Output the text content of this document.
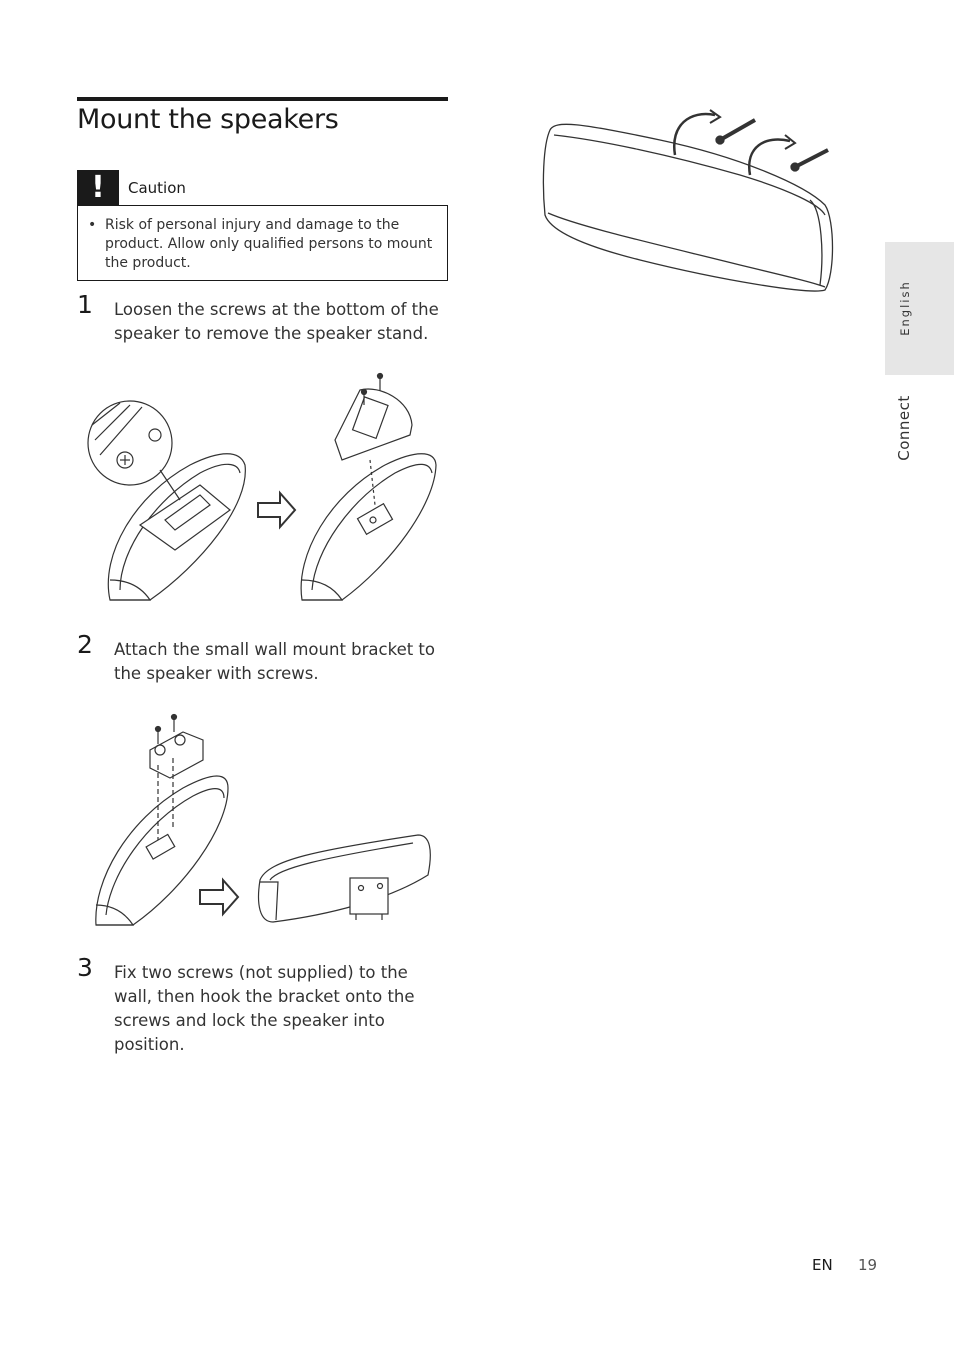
Mount the speakers
!	Caution
• Risk of personal injury and damage to the product. Allow only qualified persons to mount the product.
1 Loosen the screws at the bottom of the speaker to remove the speaker stand.
2 Attach the small wall mount bracket to the speaker with screws.
3 Fix two screws (not supplied) to the wall, then hook the bracket onto the screws and lock the speaker into position.
English
Connect
EN 19
